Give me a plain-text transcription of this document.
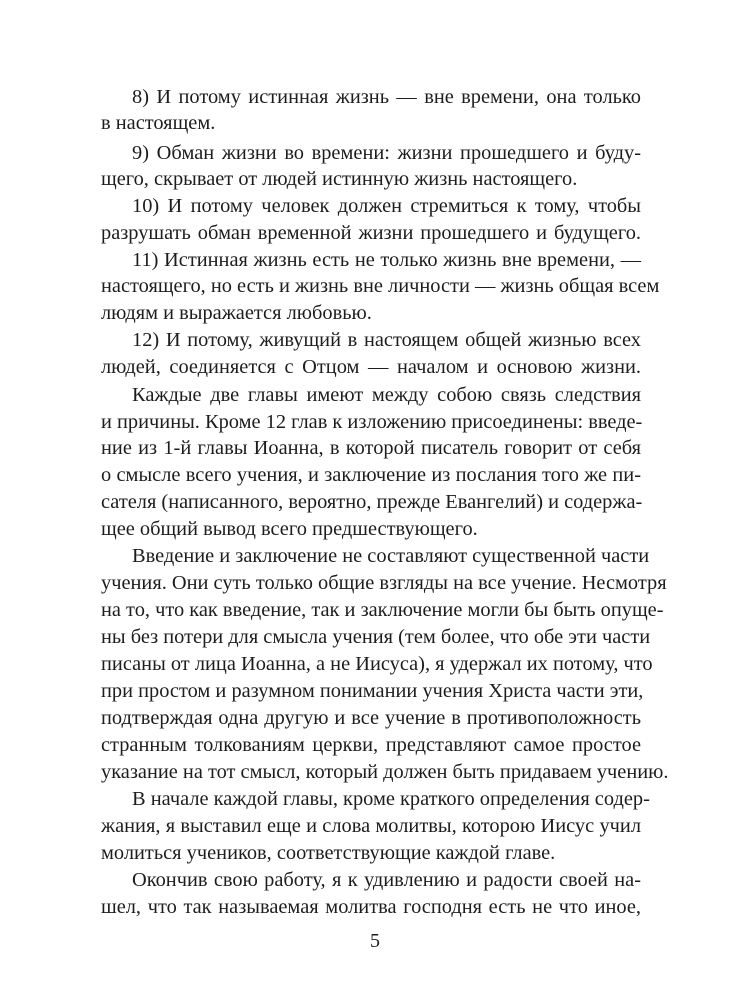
8) И потому истинная жизнь — вне времени, она только
в настоящем.
9) Обман жизни во времени: жизни прошедшего и буду-
щего, скрывает от людей истинную жизнь настоящего.
10) И потому человек должен стремиться к тому, чтобы
разрушать обман временной жизни прошедшего и будущего.
11) Истинная жизнь есть не только жизнь вне времени, —
настоящего, но есть и жизнь вне личности — жизнь общая всем
людям и выражается любовью.
12) И потому, живущий в настоящем общей жизнью всех
людей, соединяется с Отцом — началом и основою жизни.
Каждые две главы имеют между собою связь следствия
и причины. Кроме 12 глав к изложению присоединены: введе-
ние из 1-й главы Иоанна, в которой писатель говорит от себя
о смысле всего учения, и заключение из послания того же пи-
сателя (написанного, вероятно, прежде Евангелий) и содержа-
щее общий вывод всего предшествующего.
Введение и заключение не составляют существенной части
учения. Они суть только общие взгляды на все учение. Несмотря
на то, что как введение, так и заключение могли бы быть опуще-
ны без потери для смысла учения (тем более, что обе эти части
писаны от лица Иоанна, а не Иисуса), я удержал их потому, что
при простом и разумном понимании учения Христа части эти,
подтверждая одна другую и все учение в противоположность
странным толкованиям церкви, представляют самое простое
указание на тот смысл, который должен быть придаваем учению.
В начале каждой главы, кроме краткого определения содер-
жания, я выставил еще и слова молитвы, которою Иисус учил
молиться учеников, соответствующие каждой главе.
Окончив свою работу, я к удивлению и радости своей на-
шел, что так называемая молитва господня есть не что иное,
5
